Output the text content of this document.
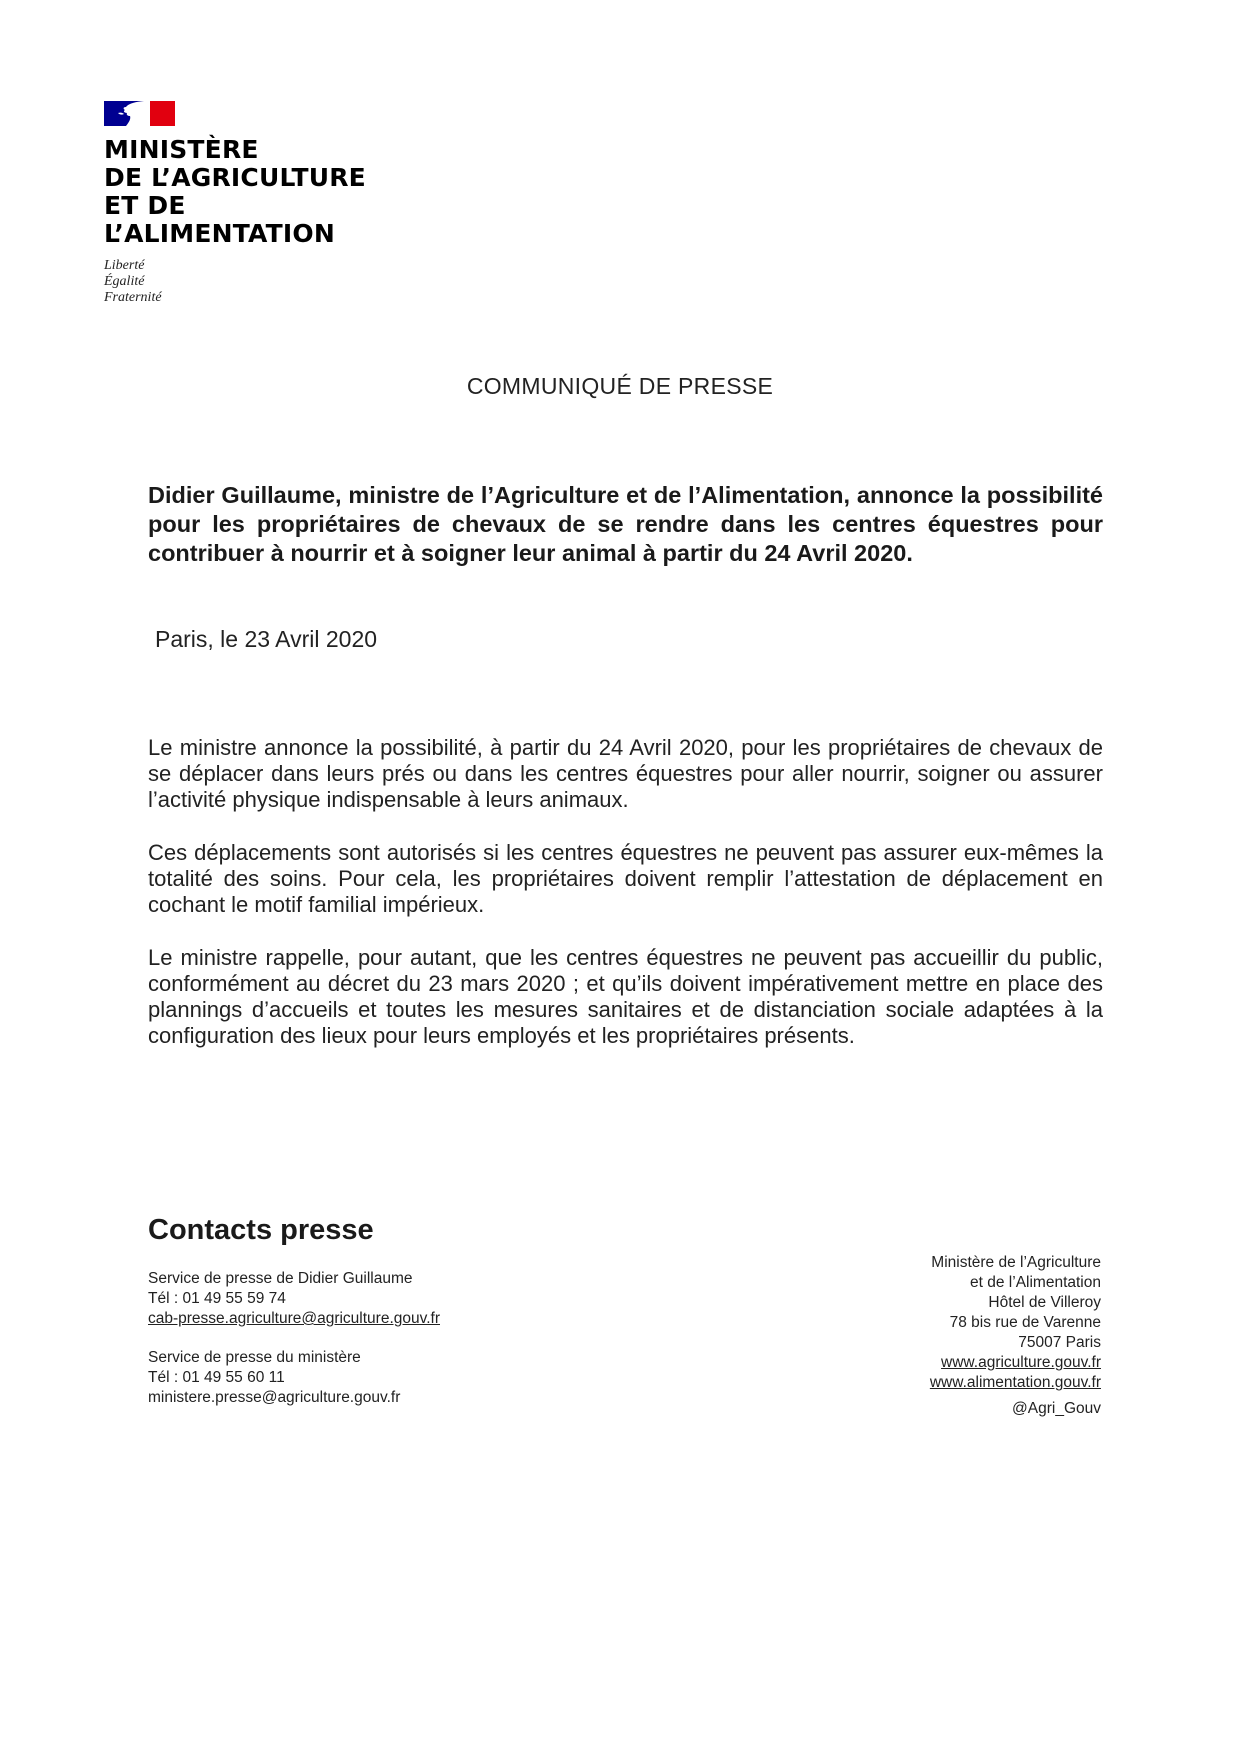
MINISTÈRE
DE L’AGRICULTURE
ET DE L’ALIMENTATION
Liberté
Égalité
Fraternité
COMMUNIQUÉ DE PRESSE
Didier Guillaume, ministre de l’Agriculture et de l’Alimentation, annonce la possibilité pour les propriétaires de chevaux de se rendre dans les centres équestres pour contribuer à nourrir et à soigner leur animal à partir du 24 Avril 2020.
Paris, le 23 Avril 2020

Le ministre annonce la possibilité, à partir du 24 Avril 2020, pour les propriétaires de chevaux de se déplacer dans leurs prés ou dans les centres équestres pour aller nourrir, soigner ou assurer l’activité physique indispensable à leurs animaux.

Ces déplacements sont autorisés si les centres équestres ne peuvent pas assurer eux-mêmes la totalité des soins. Pour cela, les propriétaires doivent remplir l’attestation de déplacement en cochant le motif familial impérieux.

Le ministre rappelle, pour autant, que les centres équestres ne peuvent pas accueillir du public, conformément au décret du 23 mars 2020 ; et qu’ils doivent impérativement mettre en place des plannings d’accueils et toutes les mesures sanitaires et de distanciation sociale adaptées à la configuration des lieux pour leurs employés et les propriétaires présents.

Contacts presse
Service de presse de Didier Guillaume
Tél : 01 49 55 59 74
cab-presse.agriculture@agriculture.gouv.fr
Service de presse du ministère
Tél : 01 49 55 60 11
ministere.presse@agriculture.gouv.fr
Ministère de l’Agriculture
et de l’Alimentation
Hôtel de Villeroy
78 bis rue de Varenne
75007 Paris
www.agriculture.gouv.fr
www.alimentation.gouv.fr
@Agri_Gouv
